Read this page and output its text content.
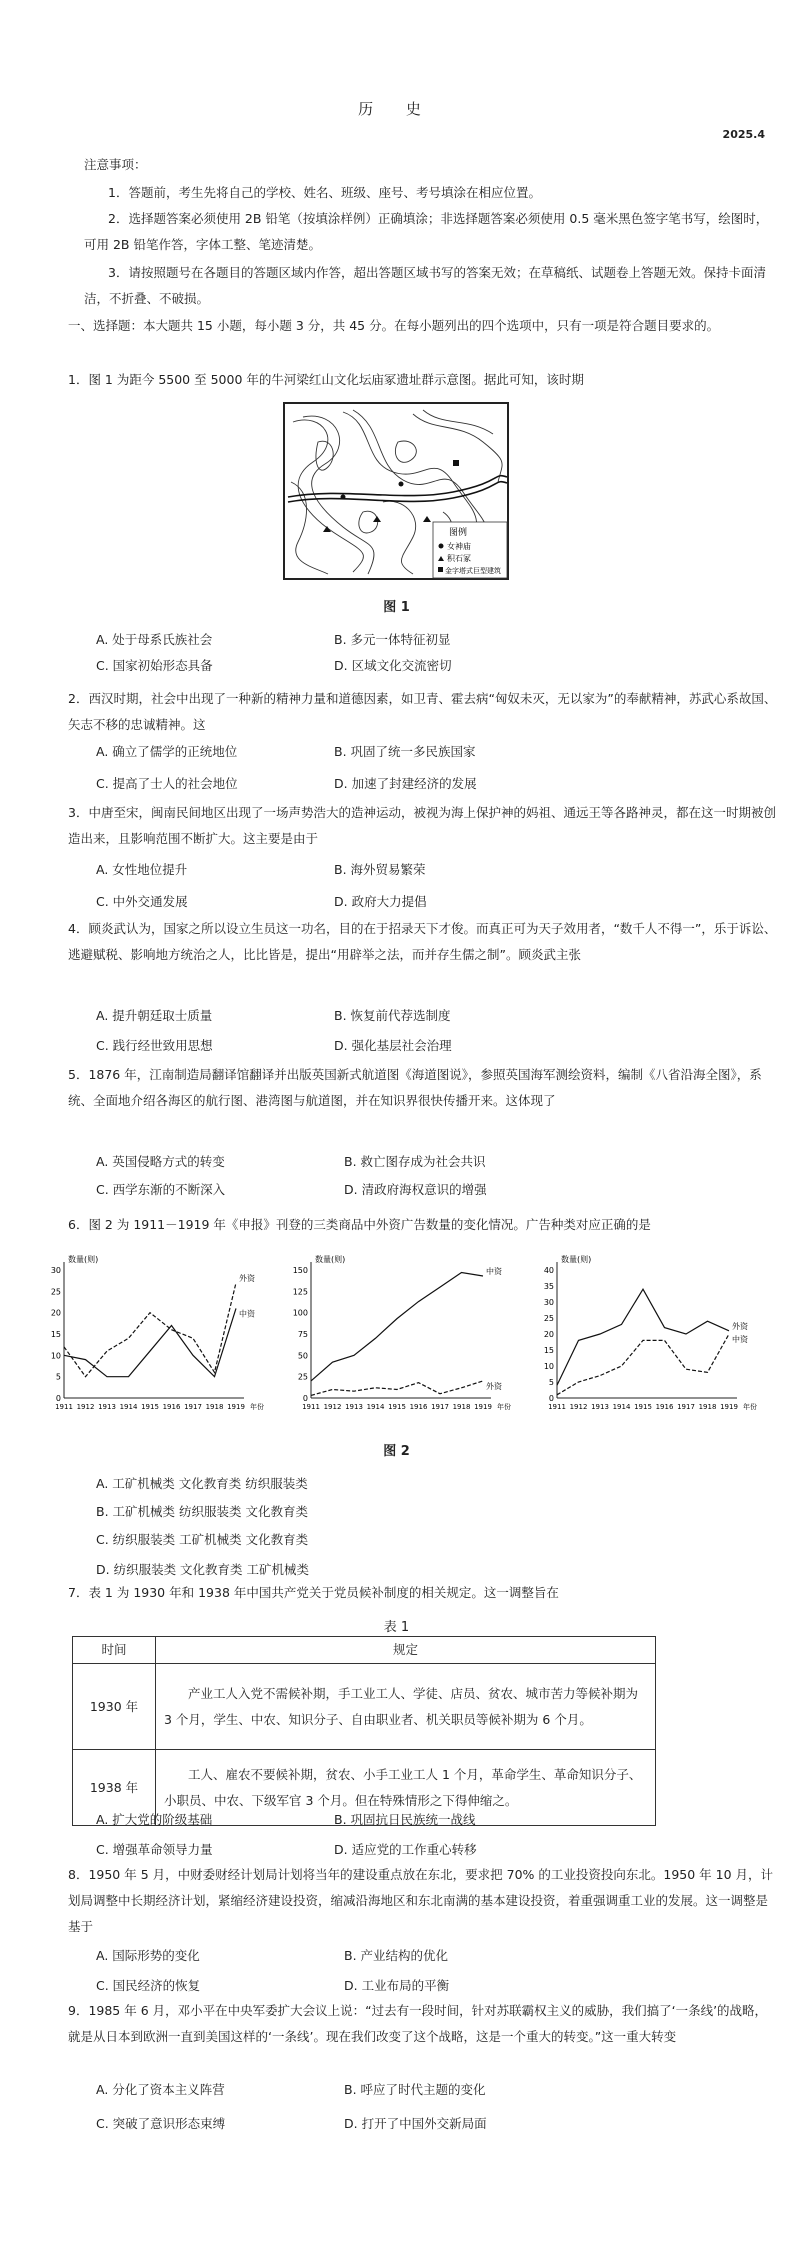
历 史
2025.4
注意事项：
1．答题前，考生先将自己的学校、姓名、班级、座号、考号填涂在相应位置。
2．选择题答案必须使用 2B 铅笔（按填涂样例）正确填涂；非选择题答案必须使用 0.5 毫米黑色签字笔书写，绘图时，可用 2B 铅笔作答，字体工整、笔迹清楚。
3．请按照题号在各题目的答题区域内作答，超出答题区域书写的答案无效；在草稿纸、试题卷上答题无效。保持卡面清洁，不折叠、不破损。
一、选择题：本大题共 15 小题，每小题 3 分，共 45 分。在每小题列出的四个选项中，只有一项是符合题目要求的。
1．图 1 为距今 5500 至 5000 年的牛河梁红山文化坛庙冢遗址群示意图。据此可知，该时期
图例
女神庙
积石冢
金字塔式巨型建筑
图 1
A. 处于母系氏族社会	B. 多元一体特征初显
C. 国家初始形态具备	D. 区域文化交流密切
2．西汉时期，社会中出现了一种新的精神力量和道德因素，如卫青、霍去病“匈奴未灭，无以家为”的奉献精神，苏武心系故国、矢志不移的忠诚精神。这
A. 确立了儒学的正统地位	B. 巩固了统一多民族国家
C. 提高了士人的社会地位	D. 加速了封建经济的发展
3．中唐至宋，闽南民间地区出现了一场声势浩大的造神运动，被视为海上保护神的妈祖、通远王等各路神灵，都在这一时期被创造出来，且影响范围不断扩大。这主要是由于
A. 女性地位提升	B. 海外贸易繁荣
C. 中外交通发展	D. 政府大力提倡
4．顾炎武认为，国家之所以设立生员这一功名，目的在于招录天下才俊。而真正可为天子效用者，“数千人不得一”，乐于诉讼、逃避赋税、影响地方统治之人，比比皆是，提出“用辟举之法，而并存生儒之制”。顾炎武主张
A. 提升朝廷取士质量	B. 恢复前代荐选制度
C. 践行经世致用思想	D. 强化基层社会治理
5．1876 年，江南制造局翻译馆翻译并出版英国新式航道图《海道图说》，参照英国海军测绘资料，编制《八省沿海全图》，系统、全面地介绍各海区的航行图、港湾图与航道图，并在知识界很快传播开来。这体现了
A. 英国侵略方式的转变	B. 救亡图存成为社会共识
C. 西学东渐的不断深入	D. 清政府海权意识的增强
6．图 2 为 1911－1919 年《申报》刊登的三类商品中外资广告数量的变化情况。广告种类对应正确的是
数量(则)
0
5
10
15
20
25
30
1911 1912 1913 1914 1915 1916 1917 1918 1919 年份
外资
中资
数量(则)
0
25
50
75
100
125
150
1911 1912 1913 1914 1915 1916 1917 1918 1919 年份
中资
外资
数量(则)
0
5
10
15
20
25
30
35
40
1911 1912 1913 1914 1915 1916 1917 1918 1919 年份
外资
中资
图 2
A. 工矿机械类 文化教育类 纺织服装类
B. 工矿机械类 纺织服装类 文化教育类
C. 纺织服装类 工矿机械类 文化教育类
D. 纺织服装类 文化教育类 工矿机械类
7．表 1 为 1930 年和 1938 年中国共产党关于党员候补制度的相关规定。这一调整旨在
表 1
时间	规定
1930 年	产业工人入党不需候补期，手工业工人、学徒、店员、贫农、城市苦力等候补期为 3 个月，学生、中农、知识分子、自由职业者、机关职员等候补期为 6 个月。
1938 年	工人、雇农不要候补期，贫农、小手工业工人 1 个月，革命学生、革命知识分子、小职员、中农、下级军官 3 个月。但在特殊情形之下得伸缩之。
A. 扩大党的阶级基础	B. 巩固抗日民族统一战线
C. 增强革命领导力量	D. 适应党的工作重心转移
8．1950 年 5 月，中财委财经计划局计划将当年的建设重点放在东北，要求把 70% 的工业投资投向东北。1950 年 10 月，计划局调整中长期经济计划，紧缩经济建设投资，缩减沿海地区和东北南满的基本建设投资，着重强调重工业的发展。这一调整是基于
A. 国际形势的变化	B. 产业结构的优化
C. 国民经济的恢复	D. 工业布局的平衡
9．1985 年 6 月，邓小平在中央军委扩大会议上说：“过去有一段时间，针对苏联霸权主义的威胁，我们搞了‘一条线’的战略，就是从日本到欧洲一直到美国这样的‘一条线’。现在我们改变了这个战略，这是一个重大的转变。”这一重大转变
A. 分化了资本主义阵营	B. 呼应了时代主题的变化
C. 突破了意识形态束缚	D. 打开了中国外交新局面
